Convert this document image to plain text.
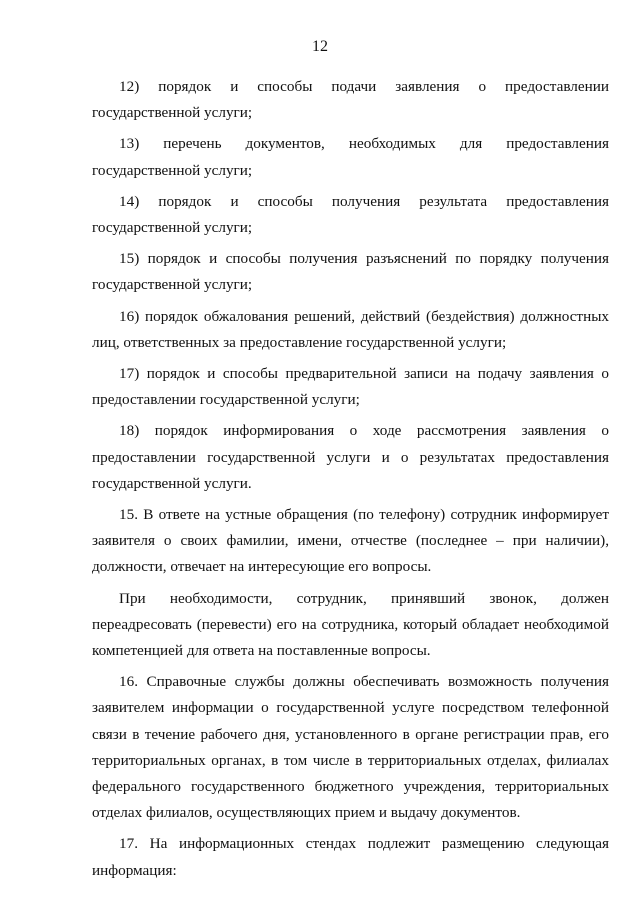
12

12) порядок и способы подачи заявления о предоставлении государственной услуги;

13) перечень документов, необходимых для предоставления государственной услуги;

14) порядок и способы получения результата предоставления государственной услуги;

15) порядок и способы получения разъяснений по порядку получения государственной услуги;

16) порядок обжалования решений, действий (бездействия) должностных лиц, ответственных за предоставление государственной услуги;

17) порядок и способы предварительной записи на подачу заявления о предоставлении государственной услуги;

18) порядок информирования о ходе рассмотрения заявления о предоставлении государственной услуги и о результатах предоставления государственной услуги.

15. В ответе на устные обращения (по телефону) сотрудник информирует заявителя о своих фамилии, имени, отчестве (последнее – при наличии), должности, отвечает на интересующие его вопросы.

При необходимости, сотрудник, принявший звонок, должен переадресовать (перевести) его на сотрудника, который обладает необходимой компетенцией для ответа на поставленные вопросы.

16. Справочные службы должны обеспечивать возможность получения заявителем информации о государственной услуге посредством телефонной связи в течение рабочего дня, установленного в органе регистрации прав, его территориальных органах, в том числе в территориальных отделах, филиалах федерального государственного бюджетного учреждения, территориальных отделах филиалов, осуществляющих прием и выдачу документов.

17. На информационных стендах подлежит размещению следующая информация:
